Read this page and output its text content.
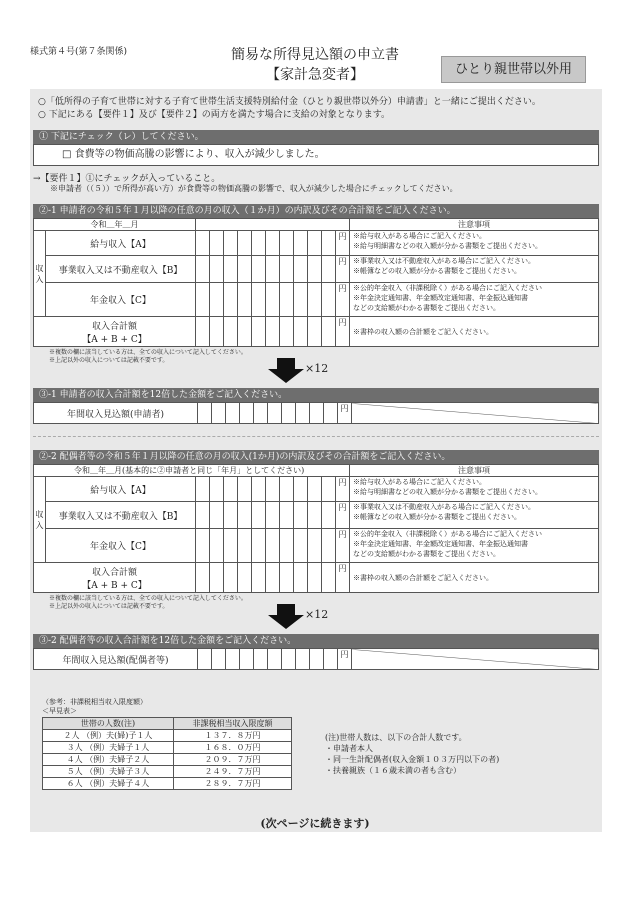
様式第４号(第７条関係)	簡易な所得見込額の申立書
【家計急変者】	ひとり親世帯以外用
○「低所得の子育て世帯に対する子育て世帯生活支援特別給付金（ひとり親世帯以外分）申請書」と一緒にご提出ください。
○ 下記にある【要件１】及び【要件２】の両方を満たす場合に支給の対象となります。
① 下記にチェック（レ）してください。
□ 食費等の物価高騰の影響により、収入が減少しました。
→【要件１】①にチェックが入っていること。
※申請者（（５））で所得が高い方）が食費等の物価高騰の影響で、収入が減少した場合にチェックしてください。
②-1 申請者の令和５年１月以降の任意の月の収入（１か月）の内訳及びその合計額をご記入ください。
令和＿年＿月													注意事項
収入	給与収入【A】											円	※給与収入がある場合にご記入ください。
※給与明細書などの収入額が分かる書類をご提出ください。

	事業収入又は不動産収入【B】											円	※事業収入又は不動産収入がある場合にご記入ください。
※帳簿などの収入額が分かる書類をご提出ください。

	年金収入【C】											円	※公的年金収入（非課税除く）がある場合にご記入ください
※年金決定通知書、年金額改定通知書、年金振込通知書
などの支給額がわかる書類をご提出ください。

収入合計額
【A + B + C】												円	※書枠の収入額の合計額をご記入ください。
※複数の欄に該当している方は、全ての収入について記入してください。
※上記以外の収入については記載不要です。
×12
③-1 申請者の収入合計額を12倍した金額をご記入ください。
年間収入見込額(申請者)											円	
②-2 配偶者等の令和５年１月以降の任意の月の収入(1か月)の内訳及びその合計額をご記入ください。
令和＿年＿月(基本的に②申請者と同じ「年月」としてください)													注意事項
収入	給与収入【A】											円	※給与収入がある場合にご記入ください。
※給与明細書などの収入額が分かる書類をご提出ください。

	事業収入又は不動産収入【B】											円	※事業収入又は不動産収入がある場合にご記入ください。
※帳簿などの収入額が分かる書類をご提出ください。

	年金収入【C】											円	※公的年金収入（非課税除く）がある場合にご記入ください
※年金決定通知書、年金額改定通知書、年金振込通知書
などの支給額がわかる書類をご提出ください。

収入合計額
【A + B + C】												円	※書枠の収入額の合計額をご記入ください。
※複数の欄に該当している方は、全ての収入について記入してください。
※上記以外の収入については記載不要です。
×12
③-2 配偶者等の収入合計額を12倍した金額をご記入ください。
年間収入見込額(配偶者等)											円	
（参考：非課税相当収入限度額）
＜早見表＞
世帯の人数(注)	非課税相当収入限度額
２人 （例）夫(婦)子１人	１３７．８万円
３人 （例）夫婦子１人	１６８．０万円
４人 （例）夫婦子２人	２０９．７万円
５人 （例）夫婦子３人	２４９．７万円
６人 （例）夫婦子４人	２８９．７万円
(注)世帯人数は、以下の合計人数です。
・申請者本人
・同一生計配偶者(収入金額１０３万円以下の者)
・扶養親族（１６歳未満の者も含む）
(次ページに続きます)
